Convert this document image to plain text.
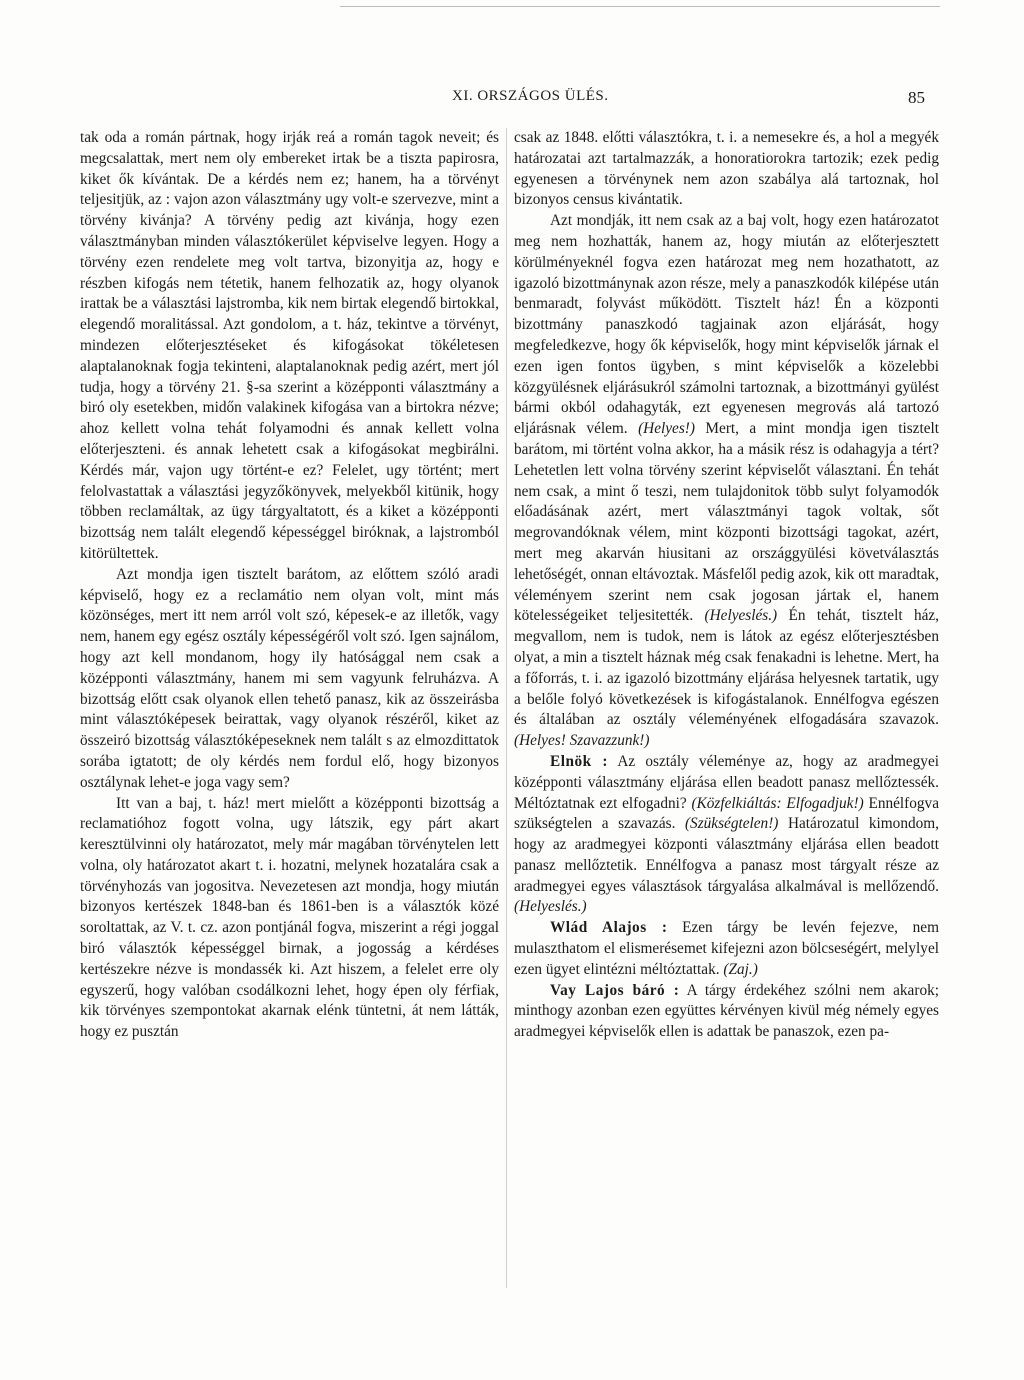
XI. ORSZÁGOS ÜLÉS.	85

tak oda a román pártnak, hogy irják reá a román tagok neveit; és megcsalattak, mert nem oly embereket irtak be a tiszta papirosra, kiket ők kívántak. De a kérdés nem ez; hanem, ha a törvényt teljesitjük, az : vajon azon választmány ugy volt-e szervezve, mint a törvény kivánja? A törvény pedig azt kivánja, hogy ezen választmányban minden választókerület képviselve legyen. Hogy a törvény ezen rendelete meg volt tartva, bizonyitja az, hogy e részben kifogás nem tétetik, hanem felhozatik az, hogy olyanok irattak be a választási lajstromba, kik nem birtak elegendő birtokkal, elegendő moralitással. Azt gondolom, a t. ház, tekintve a törvényt, mindezen előterjesztéseket és kifogásokat tökéletesen alaptalanoknak fogja tekinteni, alaptalanoknak pedig azért, mert jól tudja, hogy a törvény 21. §-sa szerint a középponti választmány a biró oly esetekben, midőn valakinek kifogása van a birtokra nézve; ahoz kellett volna tehát folyamodni és annak kellett volna előterjeszteni. és annak lehetett csak a kifogásokat megbirálni. Kérdés már, vajon ugy történt-e ez? Felelet, ugy történt; mert felolvastattak a választási jegyzőkönyvek, melyekből kitünik, hogy többen reclamáltak, az ügy tárgyaltatott, és a kiket a középponti bizottság nem talált elegendő képességgel biróknak, a lajstromból kitörültettek.

Azt mondja igen tisztelt barátom, az előttem szóló aradi képviselő, hogy ez a reclamátio nem olyan volt, mint más közönséges, mert itt nem arról volt szó, képesek-e az illetők, vagy nem, hanem egy egész osztály képességéről volt szó. Igen sajnálom, hogy azt kell mondanom, hogy ily hatósággal nem csak a középponti választmány, hanem mi sem vagyunk felruházva. A bizottság előtt csak olyanok ellen tehető panasz, kik az összeirásba mint választóképesek beirattak, vagy olyanok részéről, kiket az összeiró bizottság választóképeseknek nem talált s az elmozdittatok sorába igtatott; de oly kérdés nem fordul elő, hogy bizonyos osztálynak lehet-e joga vagy sem?

Itt van a baj, t. ház! mert mielőtt a középponti bizottság a reclamatióhoz fogott volna, ugy látszik, egy párt akart keresztülvinni oly határozatot, mely már magában törvénytelen lett volna, oly határozatot akart t. i. hozatni, melynek hozatalára csak a törvényhozás van jogositva. Nevezetesen azt mondja, hogy miután bizonyos kertészek 1848-ban és 1861-ben is a választók közé soroltattak, az V. t. cz. azon pontjánál fogva, miszerint a régi joggal biró választók képességgel birnak, a jogosság a kérdéses kertészekre nézve is mondassék ki. Azt hiszem, a felelet erre oly egyszerű, hogy valóban csodálkozni lehet, hogy épen oly férfiak, kik törvényes szempontokat akarnak elénk tüntetni, át nem látták, hogy ez pusztán

csak az 1848. előtti választókra, t. i. a nemesekre és, a hol a megyék határozatai azt tartalmazzák, a honoratiorokra tartozik; ezek pedig egyenesen a törvénynek nem azon szabálya alá tartoznak, hol bizonyos census kivántatik.

Azt mondják, itt nem csak az a baj volt, hogy ezen határozatot meg nem hozhatták, hanem az, hogy miután az előterjesztett körülményeknél fogva ezen határozat meg nem hozathatott, az igazoló bizottmánynak azon része, mely a panaszkodók kilépése után benmaradt, folyvást működött. Tisztelt ház! Én a központi bizottmány panaszkodó tagjainak azon eljárását, hogy megfeledkezve, hogy ők képviselők, hogy mint képviselők járnak el ezen igen fontos ügyben, s mint képviselők a közelebbi közgyülésnek eljárásukról számolni tartoznak, a bizottmányi gyülést bármi okból odahagyták, ezt egyenesen megrovás alá tartozó eljárásnak vélem. (Helyes!) Mert, a mint mondja igen tisztelt barátom, mi történt volna akkor, ha a másik rész is odahagyja a tért? Lehetetlen lett volna törvény szerint képviselőt választani. Én tehát nem csak, a mint ő teszi, nem tulajdonitok több sulyt folyamodók előadásának azért, mert választmányi tagok voltak, sőt megrovandóknak vélem, mint központi bizottsági tagokat, azért, mert meg akarván hiusitani az országgyülési követválasztás lehetőségét, onnan eltávoztak. Másfelől pedig azok, kik ott maradtak, véleményem szerint nem csak jogosan jártak el, hanem kötelességeiket teljesitették. (Helyeslés.) Én tehát, tisztelt ház, megvallom, nem is tudok, nem is látok az egész előterjesztésben olyat, a min a tisztelt háznak még csak fenakadni is lehetne. Mert, ha a főforrás, t. i. az igazoló bizottmány eljárása helyesnek tartatik, ugy a belőle folyó következések is kifogástalanok. Ennélfogva egészen és általában az osztály véleményének elfogadására szavazok. (Helyes! Szavazzunk!)

Elnök : Az osztály véleménye az, hogy az aradmegyei középponti választmány eljárása ellen beadott panasz mellőztessék. Méltóztatnak ezt elfogadni? (Közfelkiáltás: Elfogadjuk!) Ennélfogva szükségtelen a szavazás. (Szükségtelen!) Határozatul kimondom, hogy az aradmegyei központi választmány eljárása ellen beadott panasz mellőztetik. Ennélfogva a panasz most tárgyalt része az aradmegyei egyes választások tárgyalása alkalmával is mellőzendő. (Helyeslés.)

Wlád Alajos : Ezen tárgy be levén fejezve, nem mulaszthatom el elismerésemet kifejezni azon bölcseségért, melylyel ezen ügyet elintézni méltóztattak. (Zaj.)

Vay Lajos báró : A tárgy érdekéhez szólni nem akarok; minthogy azonban ezen együttes kérvényen kivül még némely egyes aradmegyei képviselők ellen is adattak be panaszok, ezen pa-
